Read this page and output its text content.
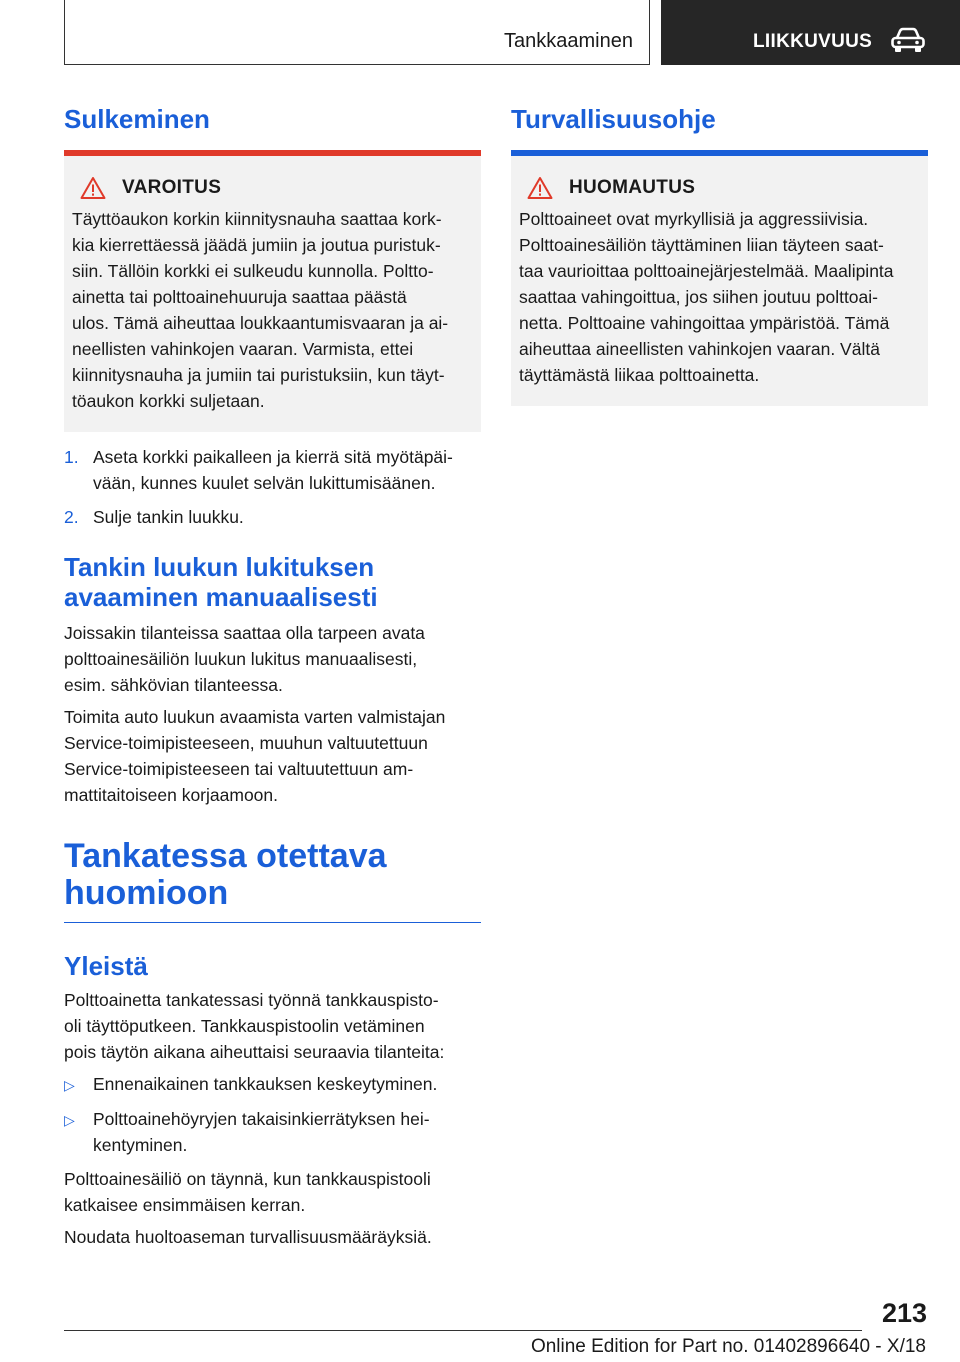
Tankkaaminen	LIIKKUVUUS
Sulkeminen
VAROITUS
Täyttöaukon korkin kiinnitysnauha saattaa kork-
kia kierrettäessä jäädä jumiin ja joutua puristuk-
siin. Tällöin korkki ei sulkeudu kunnolla. Poltto-
ainetta tai polttoainehuuruja saattaa päästä
ulos. Tämä aiheuttaa loukkaantumisvaaran ja ai-
neellisten vahinkojen vaaran. Varmista, ettei
kiinnitysnauha ja jumiin tai puristuksiin, kun täyt-
töaukon korkki suljetaan.
1. Aseta korkki paikalleen ja kierrä sitä myötäpäi-
vään, kunnes kuulet selvän lukittumisäänen.
2. Sulje tankin luukku.
Tankin luukun lukituksen
avaaminen manuaalisesti

Joissakin tilanteissa saattaa olla tarpeen avata
polttoainesäiliön luukun lukitus manuaalisesti,
esim. sähkövian tilanteessa.

Toimita auto luukun avaamista varten valmistajan
Service-toimipisteeseen, muuhun valtuutettuun
Service-toimipisteeseen tai valtuutettuun am-
mattitaitoiseen korjaamoon.

Tankatessa otettava
huomioon
Yleistä

Polttoainetta tankatessasi työnnä tankkauspisto-
oli täyttöputkeen. Tankkauspistoolin vetäminen
pois täytön aikana aiheuttaisi seuraavia tilanteita:

▷	Ennenaikainen tankkauksen keskeytyminen.
▷	Polttoainehöyryjen takaisinkierrätyksen hei-
kentyminen.

Polttoainesäiliö on täynnä, kun tankkauspistooli
katkaisee ensimmäisen kerran.

Noudata huoltoaseman turvallisuusmääräyksiä.

Turvallisuusohje
HUOMAUTUS
Polttoaineet ovat myrkyllisiä ja aggressiivisia.
Polttoainesäiliön täyttäminen liian täyteen saat-
taa vaurioittaa polttoainejärjestelmää. Maalipinta
saattaa vahingoittua, jos siihen joutuu polttoai-
netta. Polttoaine vahingoittaa ympäristöä. Tämä
aiheuttaa aineellisten vahinkojen vaaran. Vältä
täyttämästä liikaa polttoainetta.
213
Online Edition for Part no. 01402896640 - X/18
